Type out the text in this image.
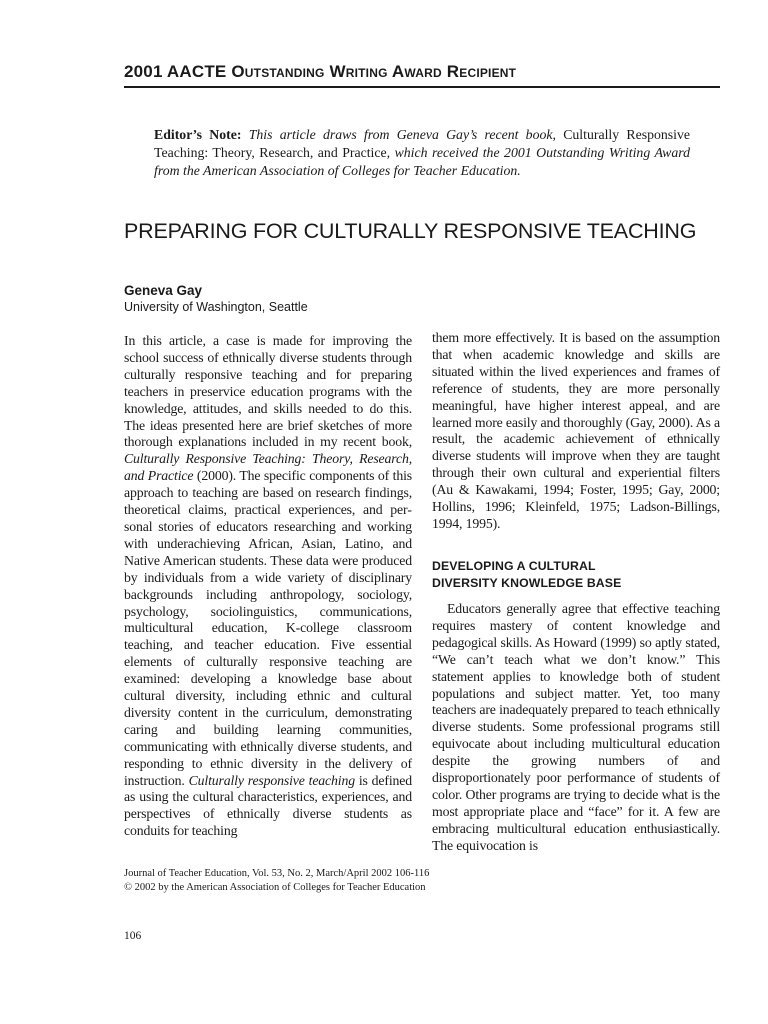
2001 AACTE Outstanding Writing Award Recipient
Editor’s Note: This article draws from Geneva Gay’s recent book, Culturally Responsive Teaching: Theory, Research, and Practice, which received the 2001 Outstanding Writing Award from the American Association of Colleges for Teacher Education.
PREPARING FOR CULTURALLY RESPONSIVE TEACHING
Geneva Gay
University of Washington, Seattle

In this article, a case is made for improving the school success of ethnically diverse students through culturally responsive teaching and for preparing teachers in preservice education programs with the knowledge, attitudes, and skills needed to do this. The ideas presented here are brief sketches of more thorough explanations included in my recent book, Culturally Responsive Teaching: Theory, Research, and Practice (2000). The specific components of this approach to teaching are based on research findings, theoretical claims, practical experiences, and personal stories of educators researching and working with underachieving African, Asian, Latino, and Native American students. These data were produced by individuals from a wide variety of disciplinary backgrounds including anthropology, sociology, psychology, sociolinguistics, communications, multicultural education, K-college classroom teaching, and teacher education. Five essential elements of culturally responsive teaching are examined: developing a knowledge base about cultural diversity, including ethnic and cultural diversity content in the curriculum, demonstrating caring and building learning communities, communicating with ethnically diverse students, and responding to ethnic diversity in the delivery of instruction. Culturally responsive teaching is defined as using the cultural characteristics, experiences, and perspectives of ethnically diverse students as conduits for teaching

them more effectively. It is based on the assumption that when academic knowledge and skills are situated within the lived experiences and frames of reference of students, they are more personally meaningful, have higher interest appeal, and are learned more easily and thoroughly (Gay, 2000). As a result, the academic achievement of ethnically diverse students will improve when they are taught through their own cultural and experiential filters (Au & Kawakami, 1994; Foster, 1995; Gay, 2000; Hollins, 1996; Kleinfeld, 1975; Ladson-Billings, 1994, 1995).

DEVELOPING A CULTURAL
DIVERSITY KNOWLEDGE BASE

Educators generally agree that effective teaching requires mastery of content knowledge and pedagogical skills. As Howard (1999) so aptly stated, “We can’t teach what we don’t know.” This statement applies to knowledge both of student populations and subject matter. Yet, too many teachers are inadequately prepared to teach ethnically diverse students. Some professional programs still equivocate about including multicultural education despite the growing numbers of and disproportionately poor performance of students of color. Other programs are trying to decide what is the most appropriate place and “face” for it. A few are embracing multicultural education enthusiastically. The equivocation is

Journal of Teacher Education, Vol. 53, No. 2, March/April 2002 106-116
© 2002 by the American Association of Colleges for Teacher Education
106
